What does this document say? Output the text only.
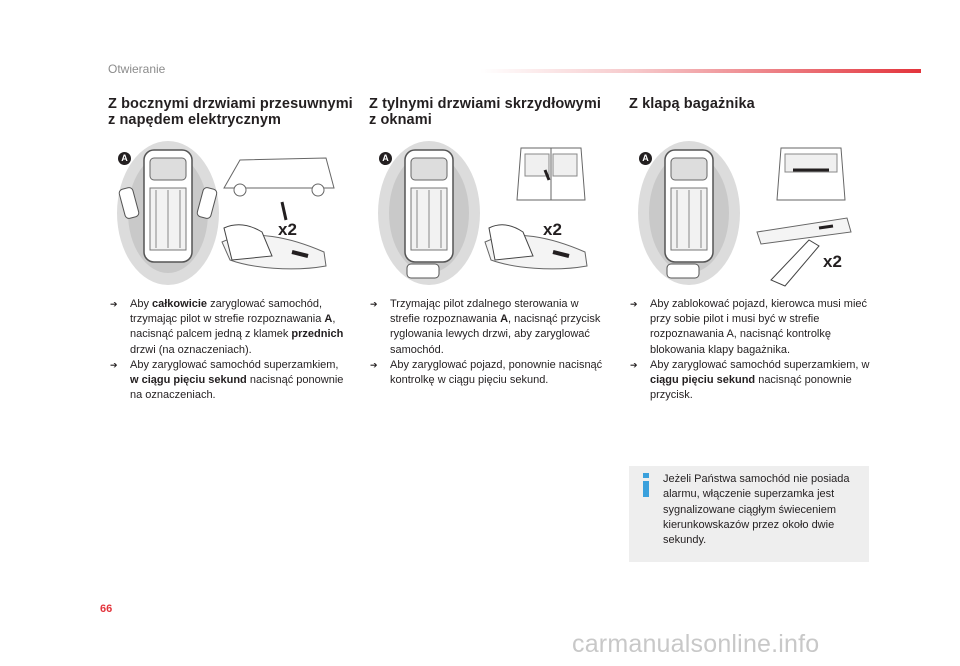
Otwieranie
Z bocznymi drzwiami przesuwnymi
z napędem elektrycznym
A
x2
➔ Aby całkowicie zaryglować samochód, trzymając pilot w strefie rozpoznawania A, nacisnąć palcem jedną z klamek przednich drzwi (na oznaczeniach).
➔ Aby zaryglować samochód superzamkiem, w ciągu pięciu sekund nacisnąć ponownie na oznaczeniach.
Z tylnymi drzwiami skrzydłowymi
z oknami
A
x2
➔ Trzymając pilot zdalnego sterowania w strefie rozpoznawania A, nacisnąć przycisk ryglowania lewych drzwi, aby zaryglować samochód.
➔ Aby zaryglować pojazd, ponownie nacisnąć kontrolkę w ciągu pięciu sekund.
Z klapą bagażnika
A
x2
➔ Aby zablokować pojazd, kierowca musi mieć przy sobie pilot i musi być w strefie rozpoznawania A, nacisnąć kontrolkę blokowania klapy bagażnika.
➔ Aby zaryglować samochód superzamkiem, w ciągu pięciu sekund nacisnąć ponownie przycisk.
Jeżeli Państwa samochód nie posiada alarmu, włączenie superzamka jest sygnalizowane ciągłym świeceniem kierunkowskazów przez około dwie sekundy.
66
carmanualsonline.info
